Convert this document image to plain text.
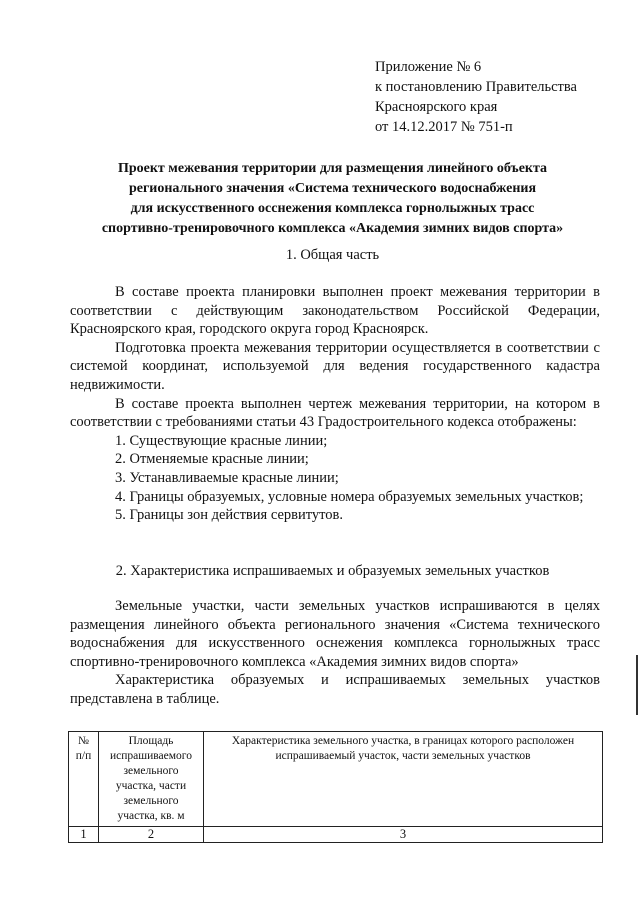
Приложение № 6
к постановлению Правительства
Красноярского края
от 14.12.2017 № 751-п
Проект межевания территории для размещения линейного объекта
регионального значения «Система технического водоснабжения
для искусственного осснежения комплекса горнолыжных трасс
спортивно-тренировочного комплекса «Академия зимних видов спорта»
1. Общая часть
В составе проекта планировки выполнен проект межевания территории в соответствии с действующим законодательством Российской Федерации, Красноярского края, городского округа город Красноярск.
Подготовка проекта межевания территории осуществляется в соответствии с системой координат, используемой для ведения государственного кадастра недвижимости.
В составе проекта выполнен чертеж межевания территории, на котором в соответствии с требованиями статьи 43 Градостроительного кодекса отображены:
1. Существующие красные линии;
2. Отменяемые красные линии;
3. Устанавливаемые красные линии;
4. Границы образуемых, условные номера образуемых земельных участков;
5. Границы зон действия сервитутов.
2. Характеристика испрашиваемых и образуемых земельных участков
Земельные участки, части земельных участков испрашиваются в целях размещения линейного объекта регионального значения «Система технического водоснабжения для искусственного оснежения комплекса горнолыжных трасс спортивно-тренировочного комплекса «Академия зимних видов спорта»
Характеристика образуемых и испрашиваемых земельных участков представлена в таблице.
№ п/п	Площадь испрашиваемого земельного участка, части земельного участка, кв. м	Характеристика земельного участка, в границах которого расположен испрашиваемый участок, части земельных участков
1	2	3
